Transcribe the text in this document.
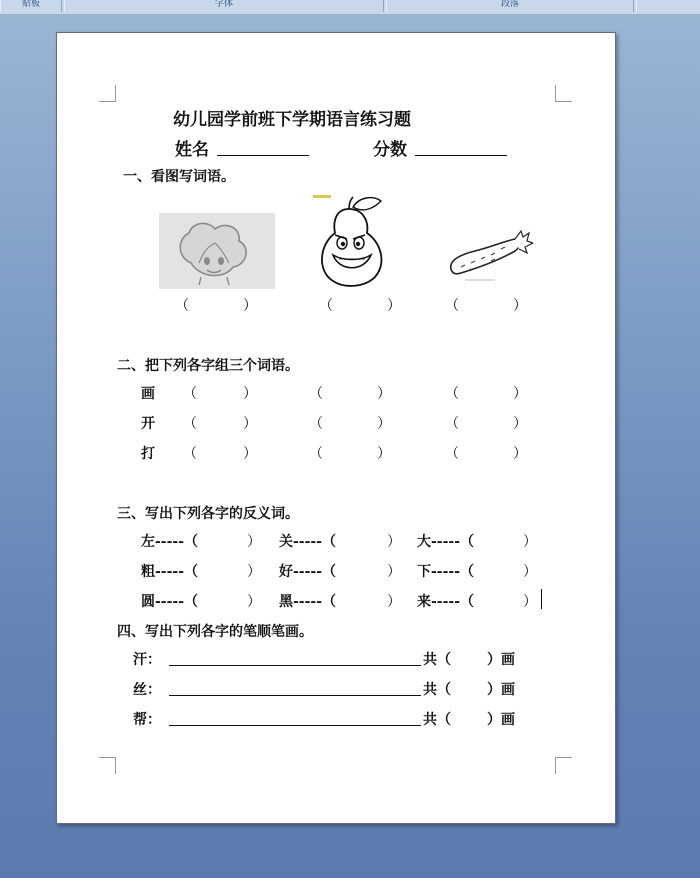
贴板	字体	段落
幼儿园学前班下学期语言练习题
姓名	分数
一、看图写词语。
（	）	（	）	（	）
二、把下列各字组三个词语。
画 （	）	（	）	（	）
开 （	）	（	）	（	）
打 （	）	（	）	（	）
三、写出下列各字的反义词。
左-----（	） 关-----（	） 大-----（	）
粗-----（	） 好-----（	） 下-----（	）
圆-----（	） 黑-----（	） 来-----（	）
四、写出下列各字的笔顺笔画。
汗：	共（	）画
丝：	共（	）画
帮：	共（	）画
